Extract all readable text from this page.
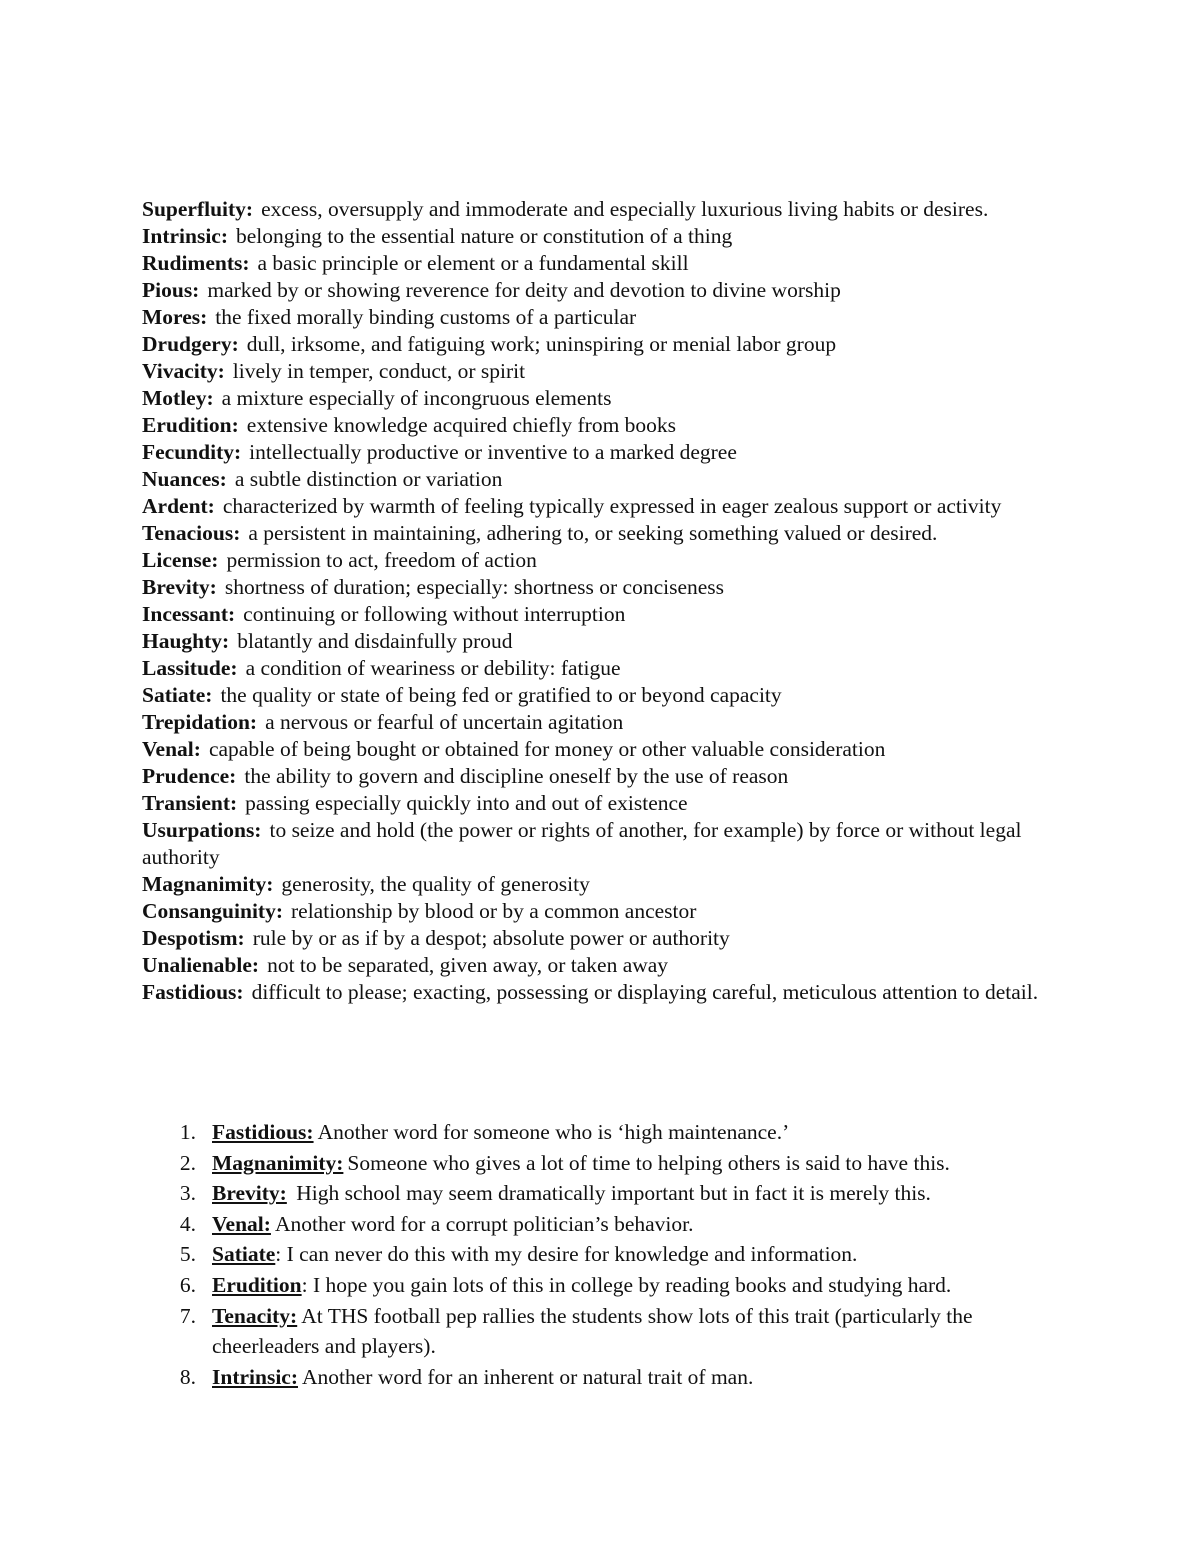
Superfluity: excess, oversupply and immoderate and especially luxurious living habits or desires.

Intrinsic: belonging to the essential nature or constitution of a thing

Rudiments: a basic principle or element or a fundamental skill

Pious: marked by or showing reverence for deity and devotion to divine worship

Mores: the fixed morally binding customs of a particular

Drudgery: dull, irksome, and fatiguing work; uninspiring or menial labor group

Vivacity: lively in temper, conduct, or spirit

Motley: a mixture especially of incongruous elements

Erudition: extensive knowledge acquired chiefly from books

Fecundity: intellectually productive or inventive to a marked degree

Nuances: a subtle distinction or variation

Ardent: characterized by warmth of feeling typically expressed in eager zealous support or activity

Tenacious: a persistent in maintaining, adhering to, or seeking something valued or desired.

License: permission to act, freedom of action

Brevity: shortness of duration; especially: shortness or conciseness

Incessant: continuing or following without interruption

Haughty: blatantly and disdainfully proud

Lassitude: a condition of weariness or debility: fatigue

Satiate: the quality or state of being fed or gratified to or beyond capacity

Trepidation: a nervous or fearful of uncertain agitation

Venal: capable of being bought or obtained for money or other valuable consideration

Prudence: the ability to govern and discipline oneself by the use of reason

Transient: passing especially quickly into and out of existence

Usurpations: to seize and hold (the power or rights of another, for example) by force or without legal authority

Magnanimity: generosity, the quality of generosity

Consanguinity: relationship by blood or by a common ancestor

Despotism: rule by or as if by a despot; absolute power or authority

Unalienable: not to be separated, given away, or taken away

Fastidious: difficult to please; exacting, possessing or displaying careful, meticulous attention to detail.

1. Fastidious: Another word for someone who is ‘high maintenance.’
2. Magnanimity: Someone who gives a lot of time to helping others is said to have this.
3. Brevity: High school may seem dramatically important but in fact it is merely this.
4. Venal: Another word for a corrupt politician’s behavior.
5. Satiate: I can never do this with my desire for knowledge and information.
6. Erudition: I hope you gain lots of this in college by reading books and studying hard.
7. Tenacity: At THS football pep rallies the students show lots of this trait (particularly the cheerleaders and players).
8. Intrinsic: Another word for an inherent or natural trait of man.
